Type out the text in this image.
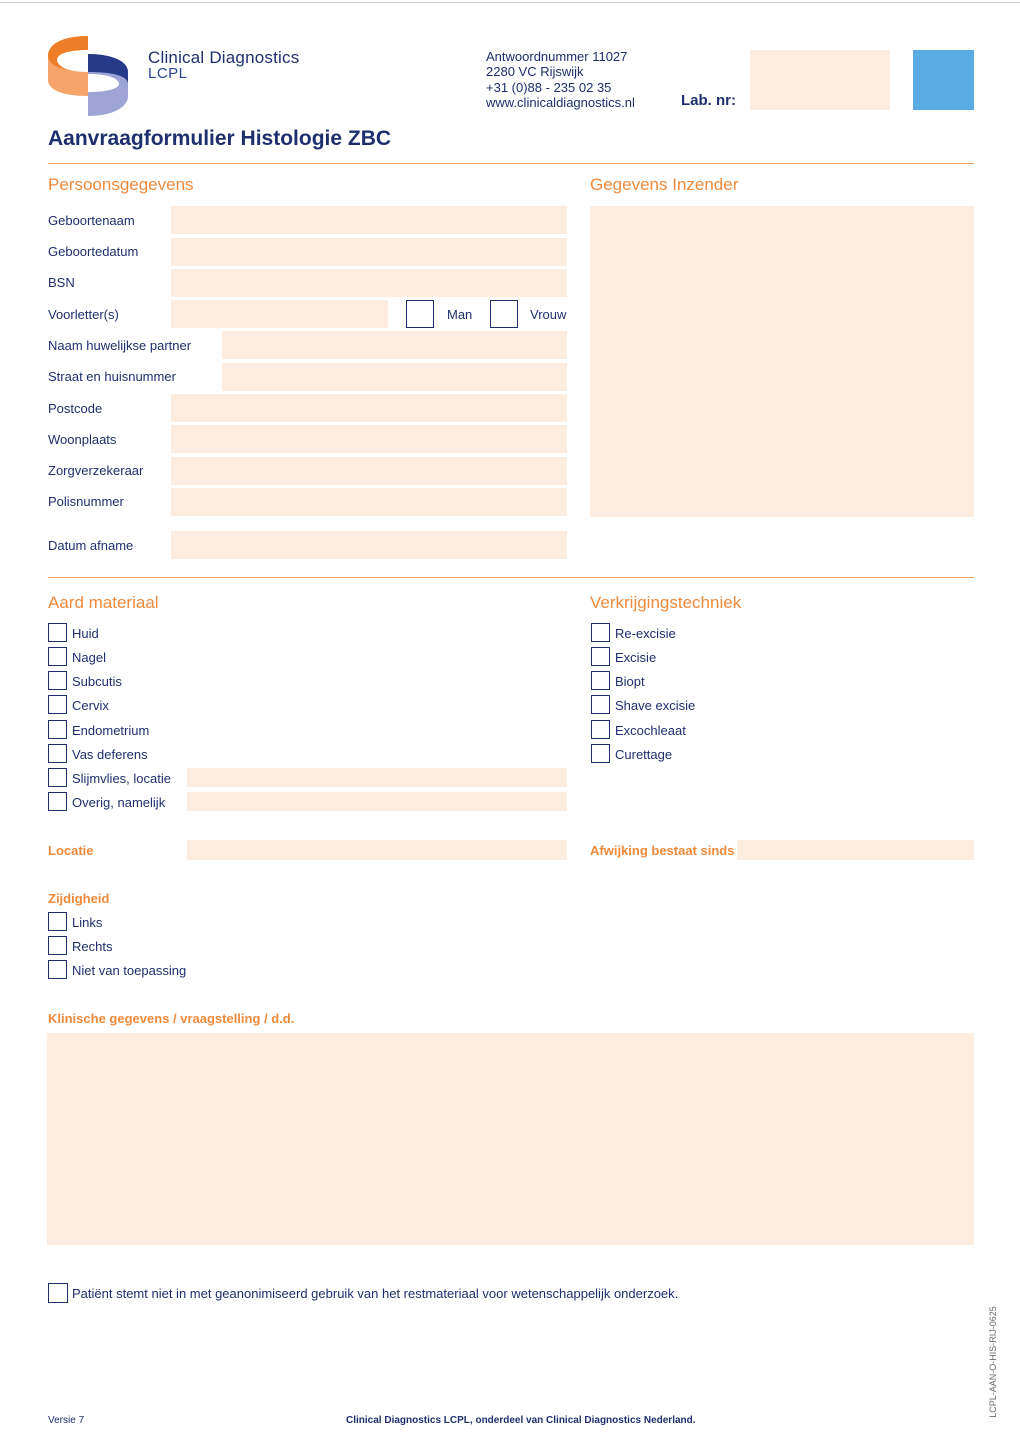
Clinical Diagnostics
LCPL
Antwoordnummer 11027
2280 VC Rijswijk
+31 (0)88 - 235 02 35
www.clinicaldiagnostics.nl	Lab. nr:
Aanvraagformulier Histologie ZBC
Persoonsgegevens	Gegevens Inzender
Geboortenaam
Geboortedatum
BSN
Voorletter(s)	Man	Vrouw
Naam huwelijkse partner
Straat en huisnummer
Postcode
Woonplaats
Zorgverzekeraar
Polisnummer
Datum afname
Aard materiaal	Verkrijgingstechniek
Huid
Nagel
Subcutis
Cervix
Endometrium
Vas deferens
Slijmvlies, locatie
Overig, namelijk
Re-excisie
Excisie
Biopt
Shave excisie
Excochleaat
Curettage
Locatie	Afwijking bestaat sinds
Zijdigheid
Links
Rechts
Niet van toepassing
Klinische gegevens / vraagstelling / d.d.
Patiënt stemt niet in met geanonimiseerd gebruik van het restmateriaal voor wetenschappelijk onderzoek.
Versie 7	Clinical Diagnostics LCPL, onderdeel van Clinical Diagnostics Nederland.
LCPL-AAN-O-HIS-RIJ-0625
